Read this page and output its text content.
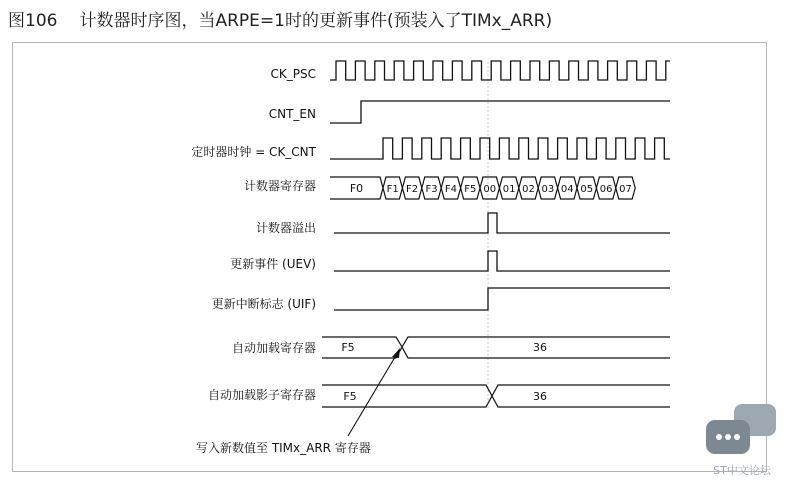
图106 计数器时序图，当ARPE=1时的更新事件(预装入了TIMx_ARR)
CK_PSC
CNT_EN
定时器时钟 = CK_CNT
计数器寄存器
计数器溢出
更新事件 (UEV)
更新中断标志 (UIF)
自动加载寄存器
自动加载影子寄存器
F0 F1 F2 F3 F4 F5 00 01 02 03 04 05 06 07
F5	36
F5	36
写入新数值至 TIMx_ARR 寄存器
ST中文论坛
